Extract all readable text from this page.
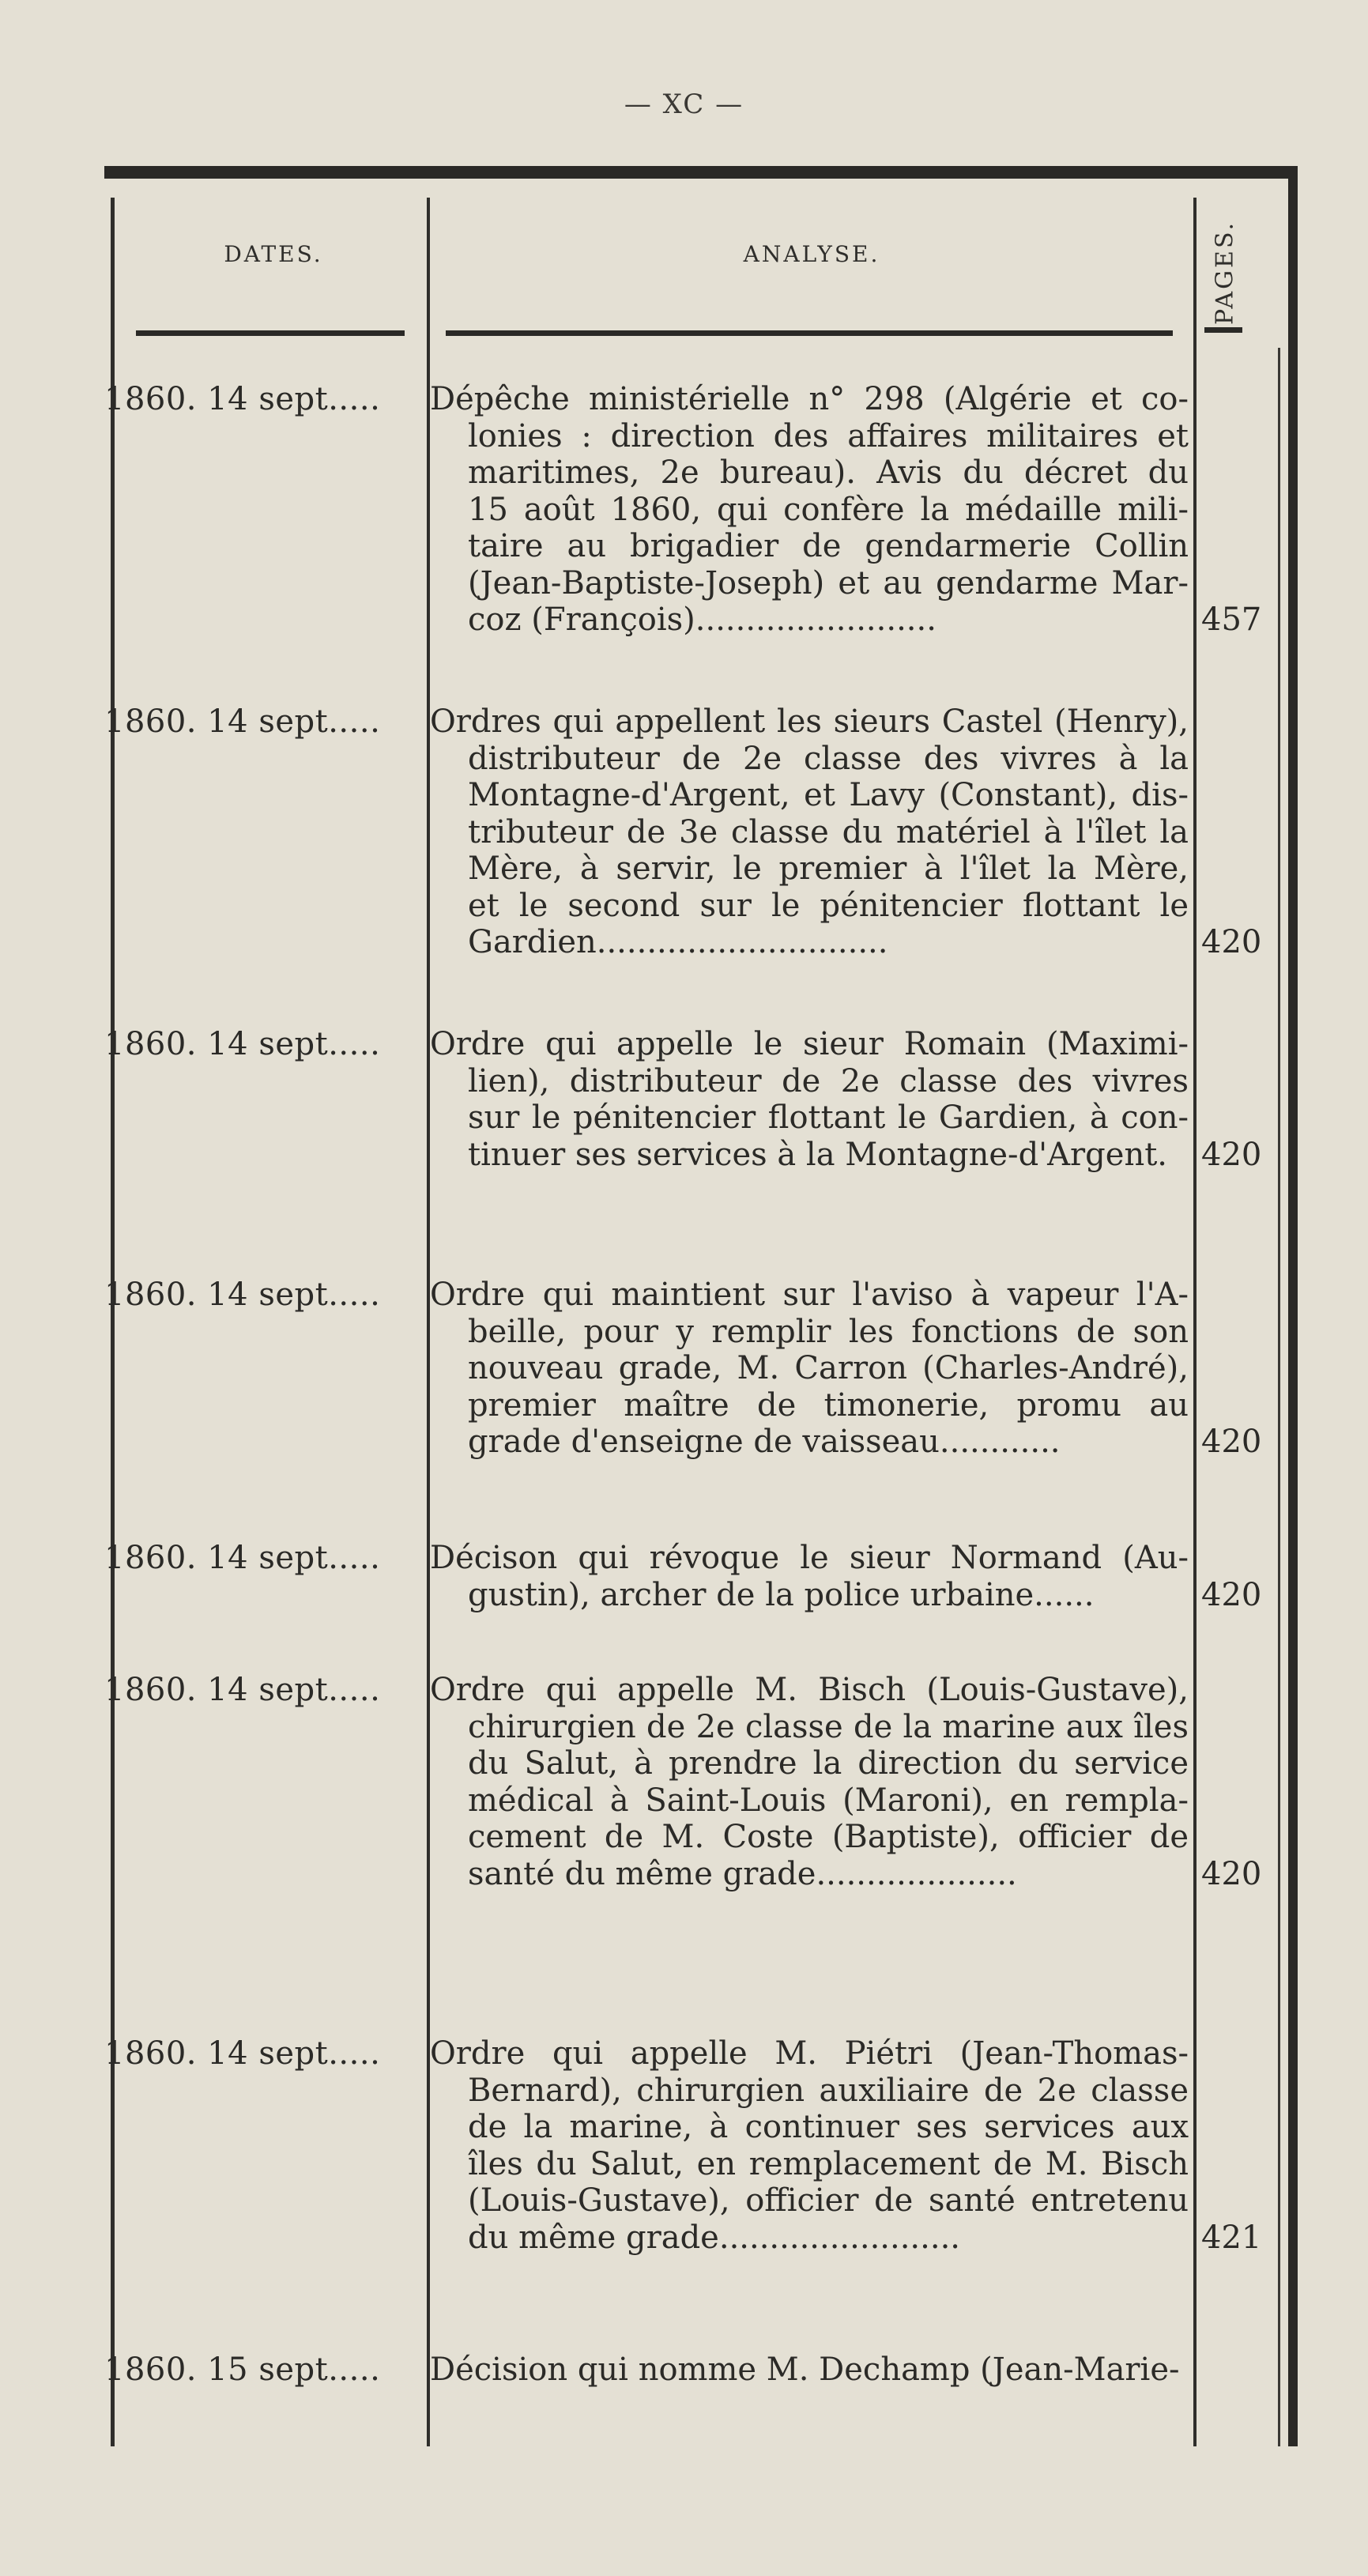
— XC —
DATES.	ANALYSE.	PAGES.
1860. 14 sept.....	Dépêche ministérielle n° 298 (Algérie et co-
lonies : direction des affaires militaires et
maritimes, 2e bureau). Avis du décret du
15 août 1860, qui confère la médaille mili-
taire au brigadier de gendarmerie Collin
(Jean-Baptiste-Joseph) et au gendarme Mar-
coz (François)........................	457
1860. 14 sept.....	Ordres qui appellent les sieurs Castel (Henry),
distributeur de 2e classe des vivres à la
Montagne-d'Argent, et Lavy (Constant), dis-
tributeur de 3e classe du matériel à l'îlet la
Mère, à servir, le premier à l'îlet la Mère,
et le second sur le pénitencier flottant le
Gardien.............................	420
1860. 14 sept.....	Ordre qui appelle le sieur Romain (Maximi-
lien), distributeur de 2e classe des vivres
sur le pénitencier flottant le Gardien, à con-
tinuer ses services à la Montagne-d'Argent.	420
1860. 14 sept.....	Ordre qui maintient sur l'aviso à vapeur l'A-
beille, pour y remplir les fonctions de son
nouveau grade, M. Carron (Charles-André),
premier maître de timonerie, promu au
grade d'enseigne de vaisseau............	420
1860. 14 sept.....	Décison qui révoque le sieur Normand (Au-
gustin), archer de la police urbaine......	420
1860. 14 sept.....	Ordre qui appelle M. Bisch (Louis-Gustave),
chirurgien de 2e classe de la marine aux îles
du Salut, à prendre la direction du service
médical à Saint-Louis (Maroni), en rempla-
cement de M. Coste (Baptiste), officier de
santé du même grade....................	420
1860. 14 sept.....	Ordre qui appelle M. Piétri (Jean-Thomas-
Bernard), chirurgien auxiliaire de 2e classe
de la marine, à continuer ses services aux
îles du Salut, en remplacement de M. Bisch
(Louis-Gustave), officier de santé entretenu
du même grade........................	421
1860. 15 sept.....	Décision qui nomme M. Dechamp (Jean-Marie-
